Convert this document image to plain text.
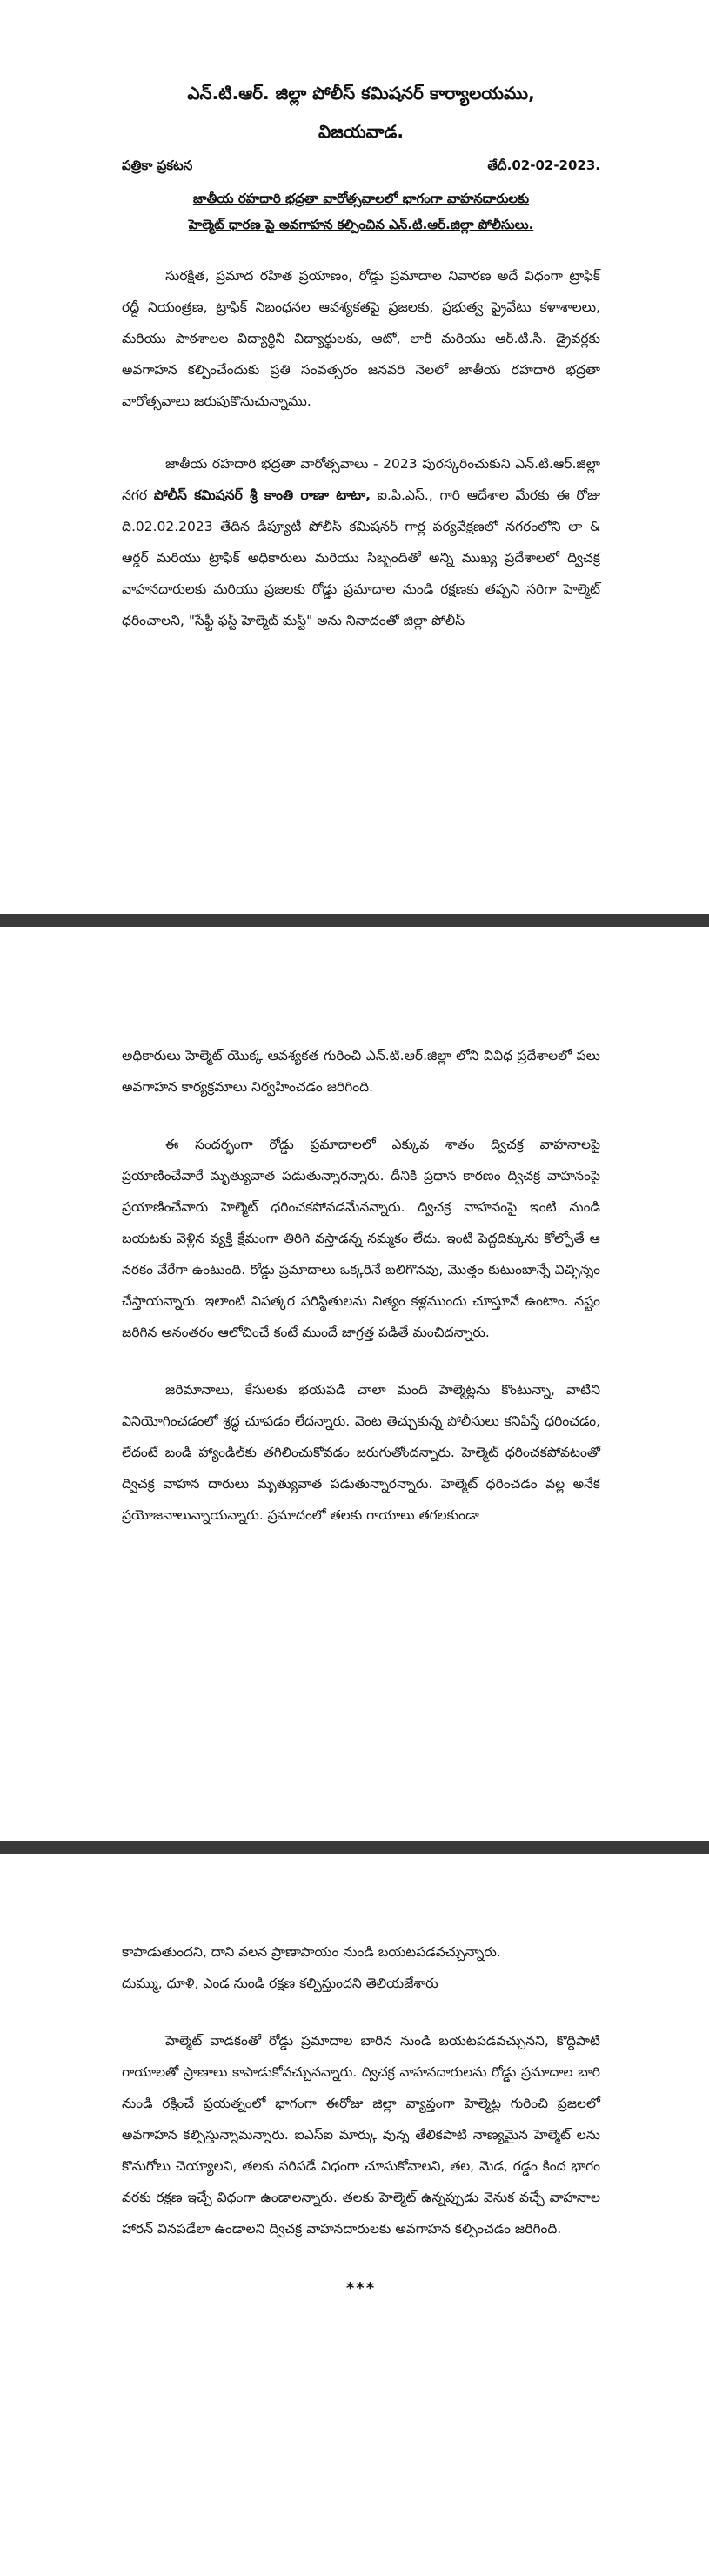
ఎన్.టి.ఆర్. జిల్లా పోలీస్ కమిషనర్ కార్యాలయము,
విజయవాడ.
పత్రికా ప్రకటన	తేదీ.02-02-2023.
జాతీయ రహదారి భద్రతా వారోత్సవాలలో భాగంగా వాహనదారులకు
హెల్మెట్ ధారణ పై అవగాహన కల్పించిన ఎన్.టి.ఆర్.జిల్లా పోలీసులు.

సురక్షిత, ప్రమాద రహిత ప్రయాణం, రోడ్డు ప్రమాదాల నివారణ అదే విధంగా ట్రాఫిక్ రద్దీ నియంత్రణ, ట్రాఫిక్ నిబంధనల ఆవశ్యకతపై ప్రజలకు, ప్రభుత్వ ప్రైవేటు కళాశాలలు, మరియు పాఠశాలల విద్యార్ధినీ విద్యార్థులకు, ఆటో, లారీ మరియు ఆర్.టి.సి. డ్రైవర్లకు అవగాహన కల్పించేందుకు ప్రతి సంవత్సరం జనవరి నెలలో జాతీయ రహదారి భద్రతా వారోత్సవాలు జరుపుకొనుచున్నాము.

జాతీయ రహదారి భద్రతా వారోత్సవాలు - 2023 పురస్కరించుకుని ఎన్.టి.ఆర్.జిల్లా నగర పోలీస్ కమిషనర్ శ్రీ కాంతి రాణా టాటా, ఐ.పి.ఎస్., గారి ఆదేశాల మేరకు ఈ రోజు ది.02.02.2023 తేదిన డిప్యూటీ పోలీస్ కమిషనర్ గార్ల పర్యవేక్షణలో నగరంలోని లా & ఆర్డర్ మరియు ట్రాఫిక్ అధికారులు మరియు సిబ్బందితో అన్ని ముఖ్య ప్రదేశాలలో ద్విచక్ర వాహనదారులకు మరియు ప్రజలకు రోడ్డు ప్రమాదాల నుండి రక్షణకు తప్పని సరిగా హెల్మెట్ ధరించాలని, "సేఫ్టీ ఫస్ట్ హెల్మెట్ మస్ట్" అను నినాదంతో జిల్లా పోలీస్

అధికారులు హెల్మెట్ యొక్క ఆవశ్యకత గురించి ఎన్.టి.ఆర్.జిల్లా లోని వివిధ ప్రదేశాలలో పలు అవగాహన కార్యక్రమాలు నిర్వహించడం జరిగింది.

ఈ సందర్భంగా రోడ్డు ప్రమాదాలలో ఎక్కువ శాతం ద్విచక్ర వాహనాలపై ప్రయాణించేవారే మృత్యువాత పడుతున్నారన్నారు. దీనికి ప్రధాన కారణం ద్విచక్ర వాహనంపై ప్రయాణించేవారు హెల్మెట్ ధరించకపోవడమేనన్నారు. ద్విచక్ర వాహనంపై ఇంటి నుండి బయటకు వెళ్లిన వ్యక్తి క్షేమంగా తిరిగి వస్తాడన్న నమ్మకం లేదు. ఇంటి పెద్దదిక్కును కోల్పోతే ఆ నరకం వేరేగా ఉంటుంది. రోడ్డు ప్రమాదాలు ఒక్కరినే బలిగొనవు, మొత్తం కుటుంబాన్నే విచ్ఛిన్నం చేస్తాయన్నారు. ఇలాంటి విపత్కర పరిస్థితులను నిత్యం కళ్లముందు చూస్తూనే ఉంటాం. నష్టం జరిగిన అనంతరం ఆలోచించే కంటే ముందే జాగ్రత్త పడితే మంచిదన్నారు.

జరిమానాలు, కేసులకు భయపడి చాలా మంది హెల్మెట్లను కొంటున్నా, వాటిని వినియోగించడంలో శ్రద్ధ చూపడం లేదన్నారు. వెంట తెచ్చుకున్న పోలీసులు కనిపిస్తే ధరించడం, లేదంటే బండి హ్యాండిల్‌కు తగిలించుకోవడం జరుగుతోందన్నారు. హెల్మెట్ ధరించకపోవటంతో ద్విచక్ర వాహన దారులు మృత్యువాత పడుతున్నారన్నారు. హెల్మెట్ ధరించడం వల్ల అనేక ప్రయోజనాలున్నాయన్నారు. ప్రమాదంలో తలకు గాయాలు తగలకుండా

కాపాడుతుందని, దాని వలన ప్రాణాపాయం నుండి బయటపడవచ్చున్నారు.
దుమ్ము, ధూళి, ఎండ నుండి రక్షణ కల్పిస్తుందని తెలియజేశారు

హెల్మెట్ వాడకంతో రోడ్డు ప్రమాదాల బారిన నుండి బయటపడవచ్చునని, కొద్దిపాటి గాయాలతో ప్రాణాలు కాపాడుకోవచ్చునన్నారు. ద్విచక్ర వాహనదారులను రోడ్డు ప్రమాదాల బారి నుండి రక్షించే ప్రయత్నంలో భాగంగా ఈరోజు జిల్లా వ్యాప్తంగా హెల్మెట్ల గురించి ప్రజలలో అవగాహన కల్పిస్తున్నామన్నారు. ఐఎస్ఐ మార్కు వున్న తేలికపాటి నాణ్యమైన హెల్మెట్ లను కొనుగోలు చెయ్యాలని, తలకు సరిపడే విధంగా చూసుకోవాలని, తల, మెడ, గడ్డం కింద భాగం వరకు రక్షణ ఇచ్చే విధంగా ఉండాలన్నారు. తలకు హెల్మెట్ ఉన్నప్పుడు వెనుక వచ్చే వాహనాల హారన్ వినపడేలా ఉండాలని ద్విచక్ర వాహనదారులకు అవగాహన కల్పించడం జరిగింది.

***
